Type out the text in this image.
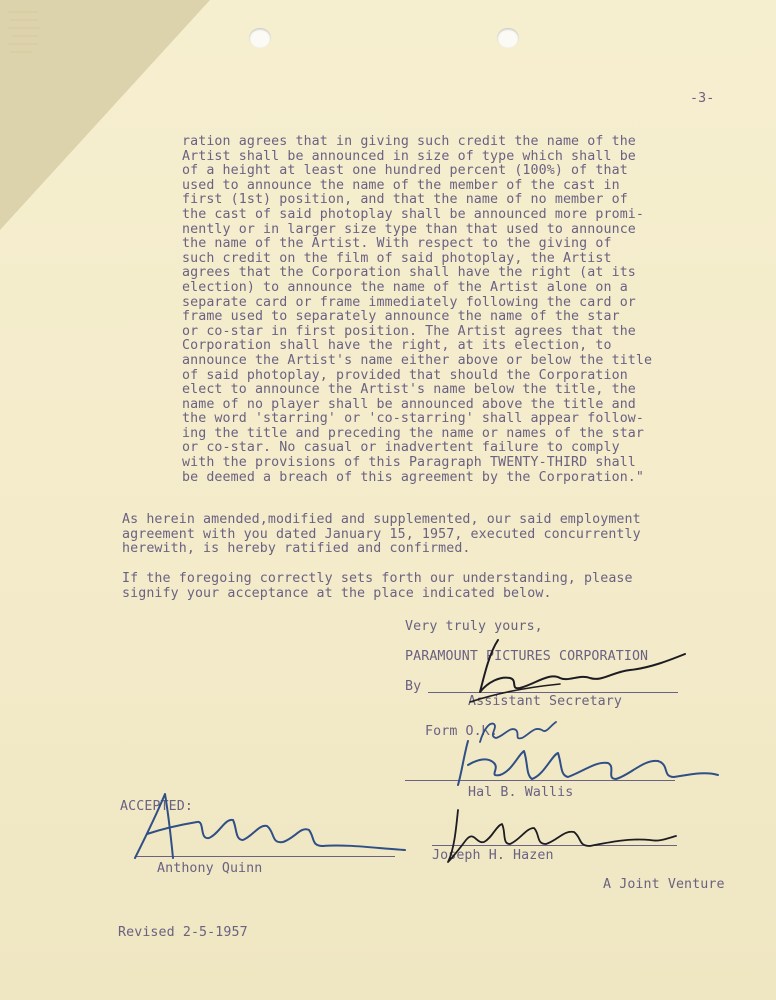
-3-
ration agrees that in giving such credit the name of the
Artist shall be announced in size of type which shall be
of a height at least one hundred percent (100%) of that
used to announce the name of the member of the cast in
first (1st) position, and that the name of no member of
the cast of said photoplay shall be announced more promi-
nently or in larger size type than that used to announce
the name of the Artist. With respect to the giving of
such credit on the film of said photoplay, the Artist
agrees that the Corporation shall have the right (at its
election) to announce the name of the Artist alone on a
separate card or frame immediately following the card or
frame used to separately announce the name of the star
or co-star in first position. The Artist agrees that the
Corporation shall have the right, at its election, to
announce the Artist's name either above or below the title
of said photoplay, provided that should the Corporation
elect to announce the Artist's name below the title, the
name of no player shall be announced above the title and
the word 'starring' or 'co-starring' shall appear follow-
ing the title and preceding the name or names of the star
or co-star. No casual or inadvertent failure to comply
with the provisions of this Paragraph TWENTY-THIRD shall
be deemed a breach of this agreement by the Corporation."
As herein amended,modified and supplemented, our said employment
agreement with you dated January 15, 1957, executed concurrently
herewith, is hereby ratified and confirmed.
If the foregoing correctly sets forth our understanding, please
signify your acceptance at the place indicated below.
Very truly yours,
PARAMOUNT PICTURES CORPORATION
By
Assistant Secretary
Form O.K.
Hal B. Wallis
ACCEPTED:
Anthony Quinn
Joseph H. Hazen
A Joint Venture
Revised 2-5-1957
